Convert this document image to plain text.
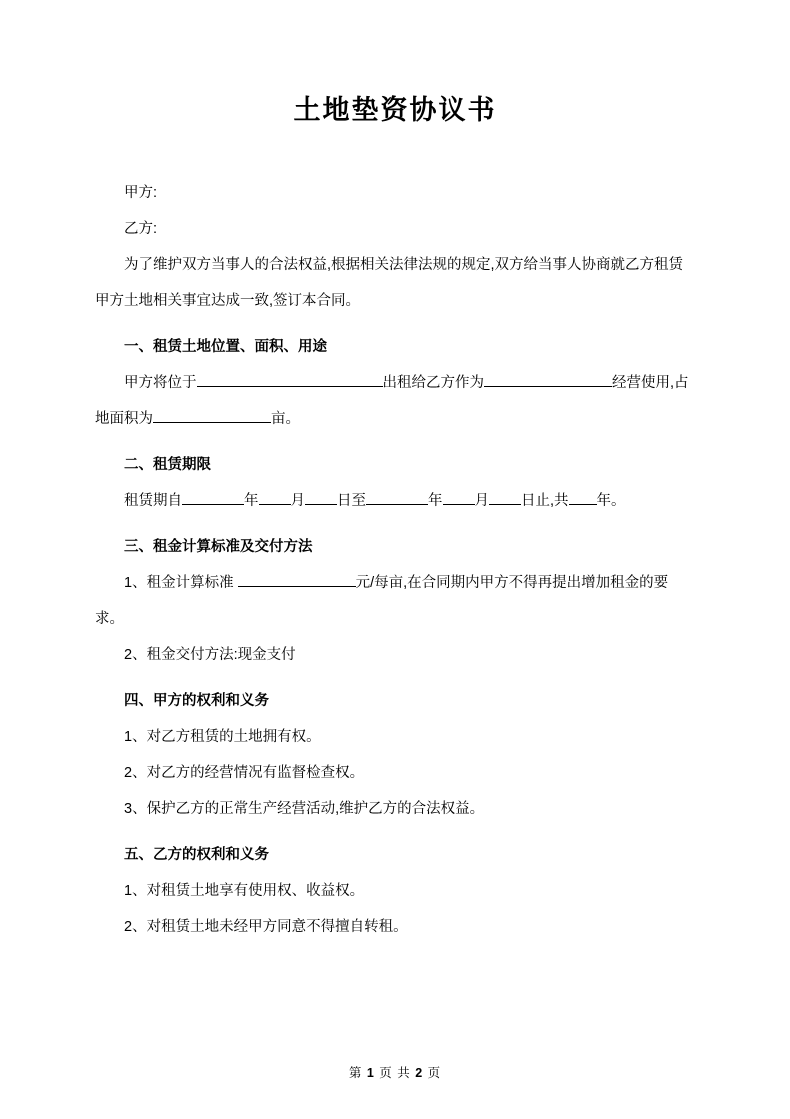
土地垫资协议书

甲方:

乙方:

为了维护双方当事人的合法权益,根据相关法律法规的规定,双方给当事人协商就乙方租赁甲方土地相关事宜达成一致,签订本合同。

一、租赁土地位置、面积、用途

甲方将位于	出租给乙方作为	经营使用,占地面积为	亩。

二、租赁期限

租赁期自	年 月 日至	年 月 日止,共 年。

三、租金计算标准及交付方法

1、租金计算标准	元/每亩,在合同期内甲方不得再提出增加租金的要求。

2、租金交付方法:现金支付

四、甲方的权利和义务

1、对乙方租赁的土地拥有权。

2、对乙方的经营情况有监督检查权。

3、保护乙方的正常生产经营活动,维护乙方的合法权益。

五、乙方的权利和义务

1、对租赁土地享有使用权、收益权。

2、对租赁土地未经甲方同意不得擅自转租。

第 1 页 共 2 页
